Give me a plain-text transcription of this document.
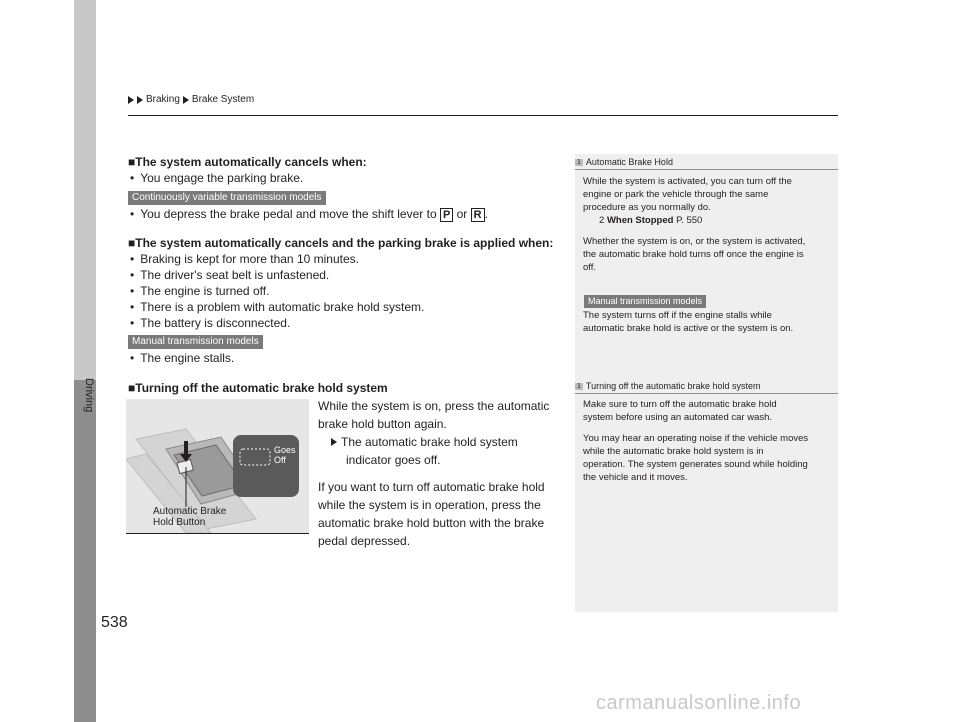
Driving
Braking Brake System
■The system automatically cancels when:
• You engage the parking brake.
Continuously variable transmission models
• You depress the brake pedal and move the shift lever to P or R .
■The system automatically cancels and the parking brake is applied when:
• Braking is kept for more than 10 minutes.
• The driver's seat belt is unfastened.
• The engine is turned off.
• There is a problem with automatic brake hold system.
• The battery is disconnected.
Manual transmission models
• The engine stalls.
■Turning off the automatic brake hold system
While the system is on, press the automatic
brake hold button again.
The automatic brake hold system
indicator goes off.
If you want to turn off automatic brake hold
while the system is in operation, press the
automatic brake hold button with the brake
pedal depressed.
Goes
Off
Automatic Brake
Hold Button
1 Automatic Brake Hold
While the system is activated, you can turn off the
engine or park the vehicle through the same
procedure as you normally do.
2 When Stopped P. 550
Whether the system is on, or the system is activated,
the automatic brake hold turns off once the engine is
off.
Manual transmission models
The system turns off if the engine stalls while
automatic brake hold is active or the system is on.
1 Turning off the automatic brake hold system
Make sure to turn off the automatic brake hold
system before using an automated car wash.
You may hear an operating noise if the vehicle moves
while the automatic brake hold system is in
operation. The system generates sound while holding
the vehicle and it moves.
538
carmanualsonline.info
